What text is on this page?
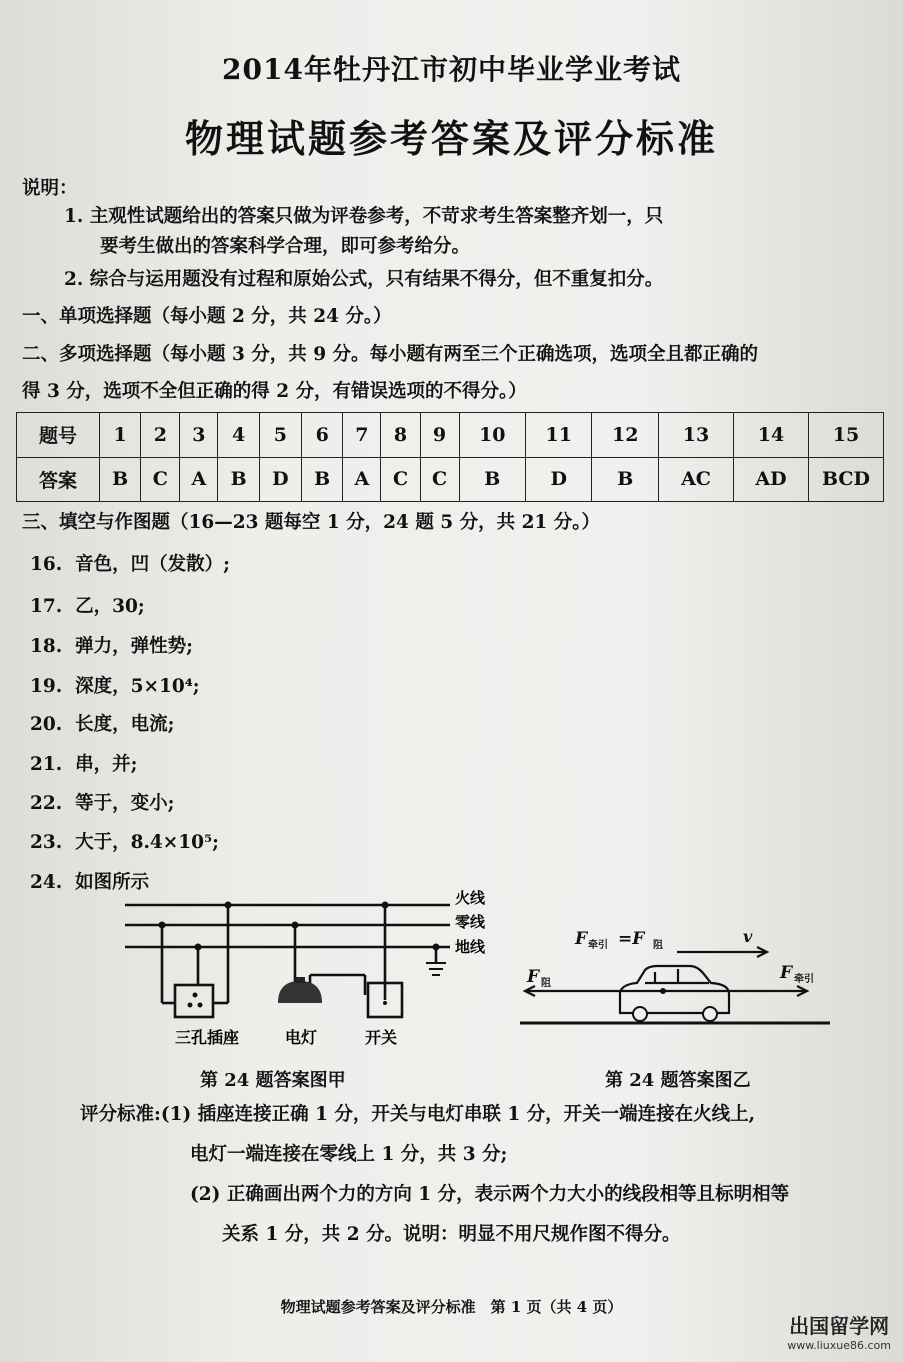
2014年牡丹江市初中毕业学业考试
物理试题参考答案及评分标准
说明：
1. 主观性试题给出的答案只做为评卷参考，不苛求考生答案整齐划一，只
要考生做出的答案科学合理，即可参考给分。
2. 综合与运用题没有过程和原始公式，只有结果不得分，但不重复扣分。
一、单项选择题（每小题 2 分，共 24 分。）
二、多项选择题（每小题 3 分，共 9 分。每小题有两至三个正确选项，选项全且都正确的
得 3 分，选项不全但正确的得 2 分，有错误选项的不得分。）
题号	1	2	3	4	5	6	7	8	9	10	11	12	13	14	15
答案	B	C	A	B	D	B	A	C	C	B	D	B	AC	AD	BCD
三、填空与作图题（16—23 题每空 1 分，24 题 5 分，共 21 分。）
16. 音色，凹（发散）;
17. 乙，30;
18. 弹力，弹性势;
19. 深度，5×10⁴;
20. 长度，电流;
21. 串，并;
22. 等于，变小;
23. 大于，8.4×10⁵;
24. 如图所示
三孔插座	电灯	开关
火线
零线
地线	F 牵引 =F 阻	v
F 阻
F 牵引
第 24 题答案图甲	第 24 题答案图乙
评分标准:(1) 插座连接正确 1 分，开关与电灯串联 1 分，开关一端连接在火线上,
电灯一端连接在零线上 1 分，共 3 分;
(2) 正确画出两个力的方向 1 分，表示两个力大小的线段相等且标明相等
关系 1 分，共 2 分。说明：明显不用尺规作图不得分。
物理试题参考答案及评分标准　第 1 页（共 4 页）
出国留学网
www.liuxue86.com
